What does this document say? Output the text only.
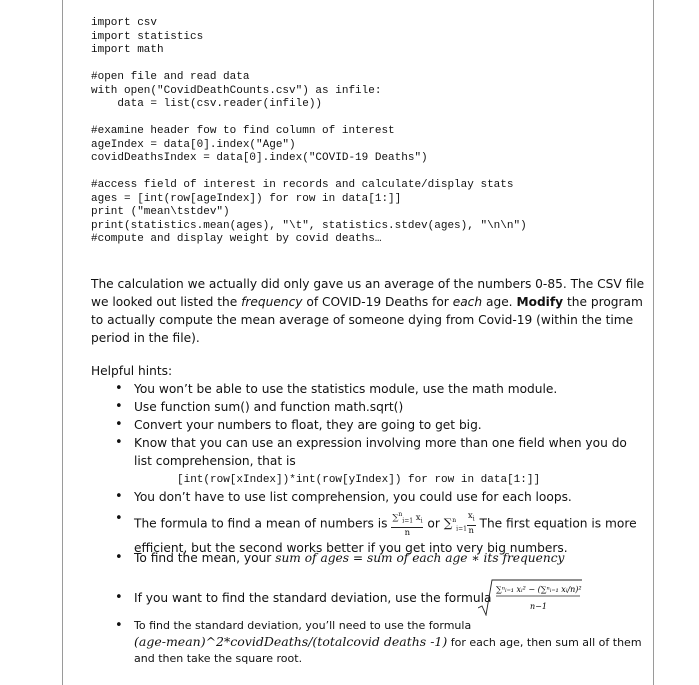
import csv
import statistics
import math
#open file and read data
with open("CovidDeathCounts.csv") as infile:
data = list(csv.reader(infile))
#examine header fow to find column of interest
ageIndex = data[0].index("Age")
covidDeathsIndex = data[0].index("COVID-19 Deaths")
#access field of interest in records and calculate/display stats
ages = [int(row[ageIndex]) for row in data[1:]]
print ("mean\tstdev")
print(statistics.mean(ages), "\t", statistics.stdev(ages), "\n\n")
#compute and display weight by covid deaths…

The calculation we actually did only gave us an average of the numbers 0-85. The CSV file we looked out listed the frequency of COVID-19 Deaths for each age. Modify the program to actually compute the mean average of someone dying from Covid-19 (within the time period in the file).

Helpful hints:

• You won’t be able to use the statistics module, use the math module.

• Use function sum() and function math.sqrt()

• Convert your numbers to float, they are going to get big.

• Know that you can use an expression involving more than one field when you do list comprehension, that is

[int(row[xIndex])*int(row[yIndex]) for row in data[1:]]

• You don’t have to use list comprehension, you could use for each loops.

• The formula to find a mean of numbers is $\frac{\sum^n_{i=1} x_i}{n}$ or $\sum^n_{i=1} \frac{x_i}{n}$ The first equation is more efficient, but the second works better if you get into very big numbers.

• To find the mean, your sum of ages = sum of each age ∗ its frequency

• If you want to find the standard deviation, use the formula

∑ⁿᵢ₌₁ xᵢ² − (∑ⁿᵢ₌₁ xᵢ/n)²
n−1

• To find the standard deviation, you’ll need to use the formula
(age-mean)^2*covidDeaths/(totalcovid deaths -1) for each age, then sum all of them and then take the square root.
